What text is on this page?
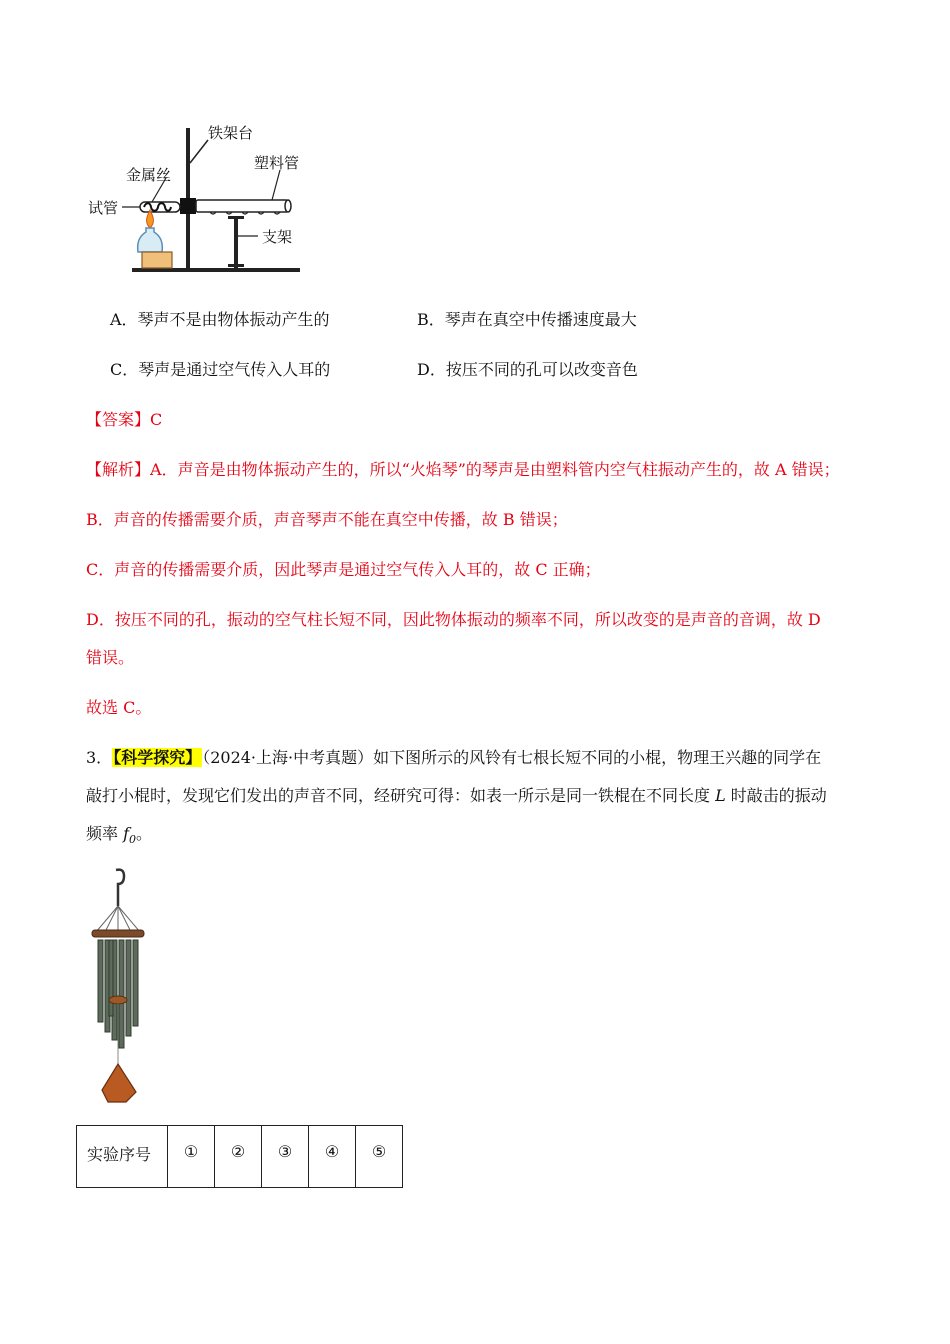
铁架台
金属丝
塑料管
试管
支架
A．琴声不是由物体振动产生的	B．琴声在真空中传播速度最大
C．琴声是通过空气传入人耳的	D．按压不同的孔可以改变音色
【答案】C
【解析】A．声音是由物体振动产生的，所以“火焰琴”的琴声是由塑料管内空气柱振动产生的，故 A 错误；
B．声音的传播需要介质，声音琴声不能在真空中传播，故 B 错误；
C．声音的传播需要介质，因此琴声是通过空气传入人耳的，故 C 正确；
D．按压不同的孔，振动的空气柱长短不同，因此物体振动的频率不同，所以改变的是声音的音调，故 D
错误。
故选 C。
3．【科学探究】（2024·上海·中考真题）如下图所示的风铃有七根长短不同的小棍，物理王兴趣的同学在
敲打小棍时，发现它们发出的声音不同，经研究可得：如表一所示是同一铁棍在不同长度 L 时敲击的振动
频率 $f_0$。
实验序号	①	②	③	④	⑤
